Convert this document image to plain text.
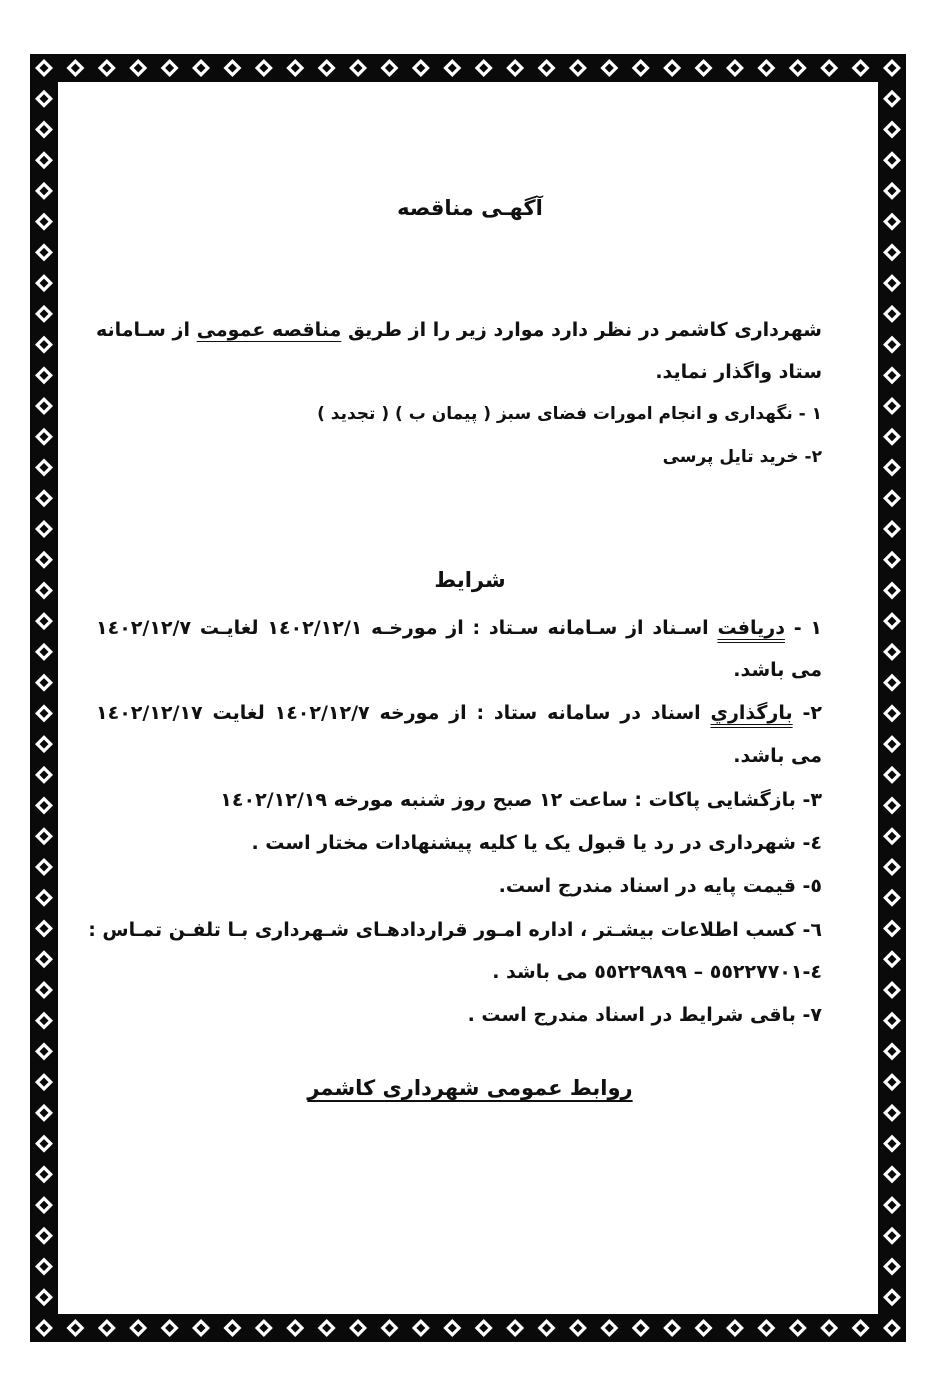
آگهـی مناقصه
شهرداری کاشمر در نظر دارد موارد زیر را از طریق مناقصه عمومی از سـامانه
ستاد واگذار نماید.
١ - نگهداری و انجام امورات فضای سبز ( پیمان ب ) ( تجدید )
٢- خرید تایل پرسی
شرايط
١ - دریافت اسـناد از سـامانه سـتاد : از مورخـه ١٤٠٢/١٢/١ لغایـت ١٤٠٢/١٢/٧
می باشد.
٢- بارگذاري اسناد در سامانه ستاد : از مورخه ١٤٠٢/١٢/٧ لغایت ١٤٠٢/١٢/١٧
می باشد.
٣- بازگشایی پاکات : ساعت ١٢ صبح روز شنبه مورخه ١٤٠٢/١٢/١٩
٤- شهرداری در رد یا قبول یک یا کلیه پیشنهادات مختار است .
٥- قیمت پایه در اسناد مندرج است.
٦- کسب اطلاعات بیشـتر ، اداره امـور قراردادهـای شـهرداری بـا تلفـن تمـاس :
٤-٥٥٢٢٧٧٠١ – ٥٥٢٢٩٨٩٩ می باشد .
٧- باقی شرایط در اسناد مندرج است .
روابط عمومی شهرداری کاشمر
